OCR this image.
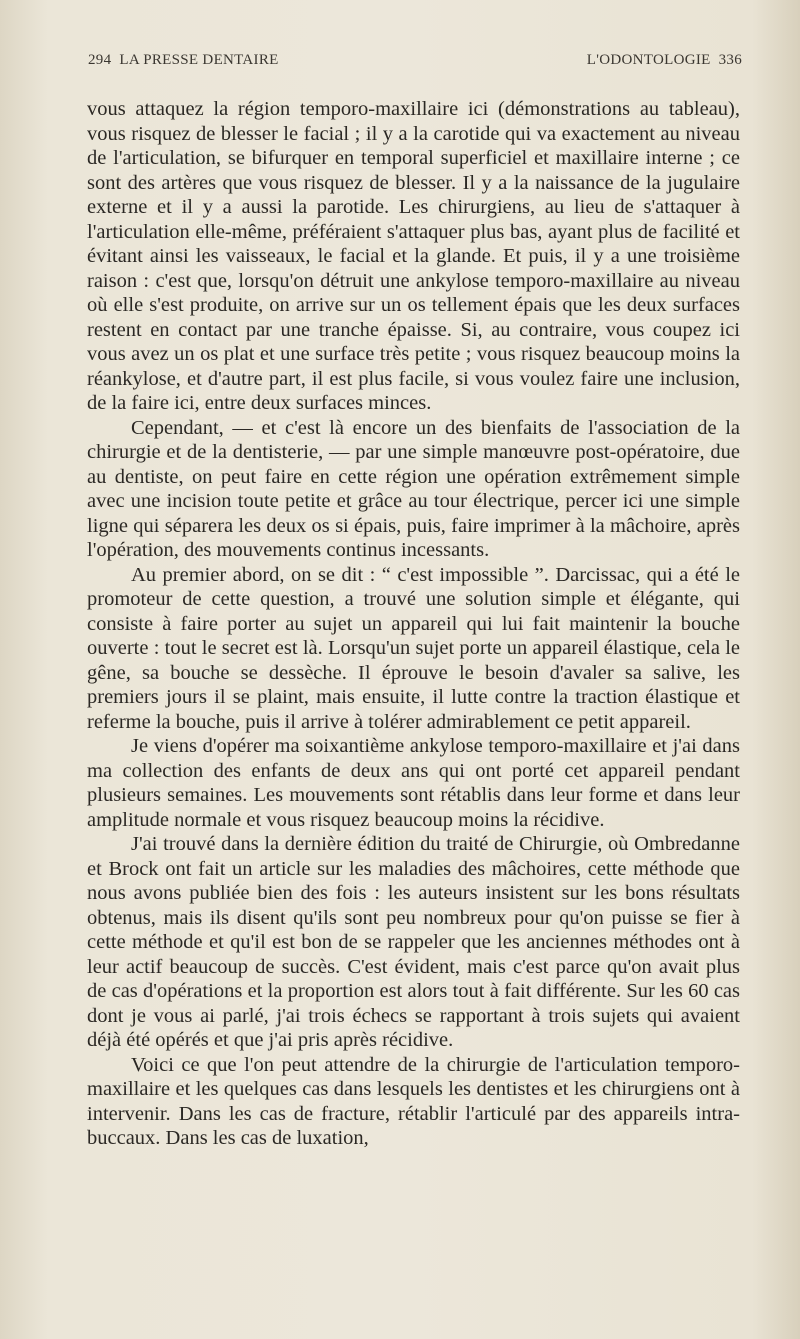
294 LA PRESSE DENTAIRE	L'ODONTOLOGIE 336

vous attaquez la région temporo-maxillaire ici (démonstrations au tableau), vous risquez de blesser le facial ; il y a la carotide qui va exactement au niveau de l'articulation, se bifurquer en temporal superficiel et maxillaire interne ; ce sont des artères que vous risquez de blesser. Il y a la naissance de la jugulaire externe et il y a aussi la parotide. Les chirurgiens, au lieu de s'attaquer à l'articulation elle-même, préféraient s'attaquer plus bas, ayant plus de facilité et évitant ainsi les vaisseaux, le facial et la glande. Et puis, il y a une troisième raison : c'est que, lorsqu'on détruit une ankylose temporo-maxillaire au niveau où elle s'est produite, on arrive sur un os tellement épais que les deux surfaces restent en contact par une tranche épaisse. Si, au contraire, vous coupez ici vous avez un os plat et une surface très petite ; vous risquez beaucoup moins la réankylose, et d'autre part, il est plus facile, si vous voulez faire une inclusion, de la faire ici, entre deux surfaces minces.

Cependant, — et c'est là encore un des bienfaits de l'association de la chirurgie et de la dentisterie, — par une simple manœuvre post-opératoire, due au dentiste, on peut faire en cette région une opération extrêmement simple avec une incision toute petite et grâce au tour électrique, percer ici une simple ligne qui séparera les deux os si épais, puis, faire imprimer à la mâchoire, après l'opération, des mouvements continus incessants.

Au premier abord, on se dit : “ c'est impossible ”. Darcissac, qui a été le promoteur de cette question, a trouvé une solution simple et élégante, qui consiste à faire porter au sujet un appareil qui lui fait maintenir la bouche ouverte : tout le secret est là. Lorsqu'un sujet porte un appareil élastique, cela le gêne, sa bouche se dessèche. Il éprouve le besoin d'avaler sa salive, les premiers jours il se plaint, mais ensuite, il lutte contre la traction élastique et referme la bouche, puis il arrive à tolérer admirablement ce petit appareil.

Je viens d'opérer ma soixantième ankylose temporo-maxillaire et j'ai dans ma collection des enfants de deux ans qui ont porté cet appareil pendant plusieurs semaines. Les mouvements sont rétablis dans leur forme et dans leur amplitude normale et vous risquez beaucoup moins la récidive.

J'ai trouvé dans la dernière édition du traité de Chirurgie, où Ombredanne et Brock ont fait un article sur les maladies des mâchoires, cette méthode que nous avons publiée bien des fois : les auteurs insistent sur les bons résultats obtenus, mais ils disent qu'ils sont peu nombreux pour qu'on puisse se fier à cette méthode et qu'il est bon de se rappeler que les anciennes méthodes ont à leur actif beaucoup de succès. C'est évident, mais c'est parce qu'on avait plus de cas d'opérations et la proportion est alors tout à fait différente. Sur les 60 cas dont je vous ai parlé, j'ai trois échecs se rapportant à trois sujets qui avaient déjà été opérés et que j'ai pris après récidive.

Voici ce que l'on peut attendre de la chirurgie de l'articulation temporo-maxillaire et les quelques cas dans lesquels les dentistes et les chirurgiens ont à intervenir. Dans les cas de fracture, rétablir l'articulé par des appareils intra-buccaux. Dans les cas de luxation,
